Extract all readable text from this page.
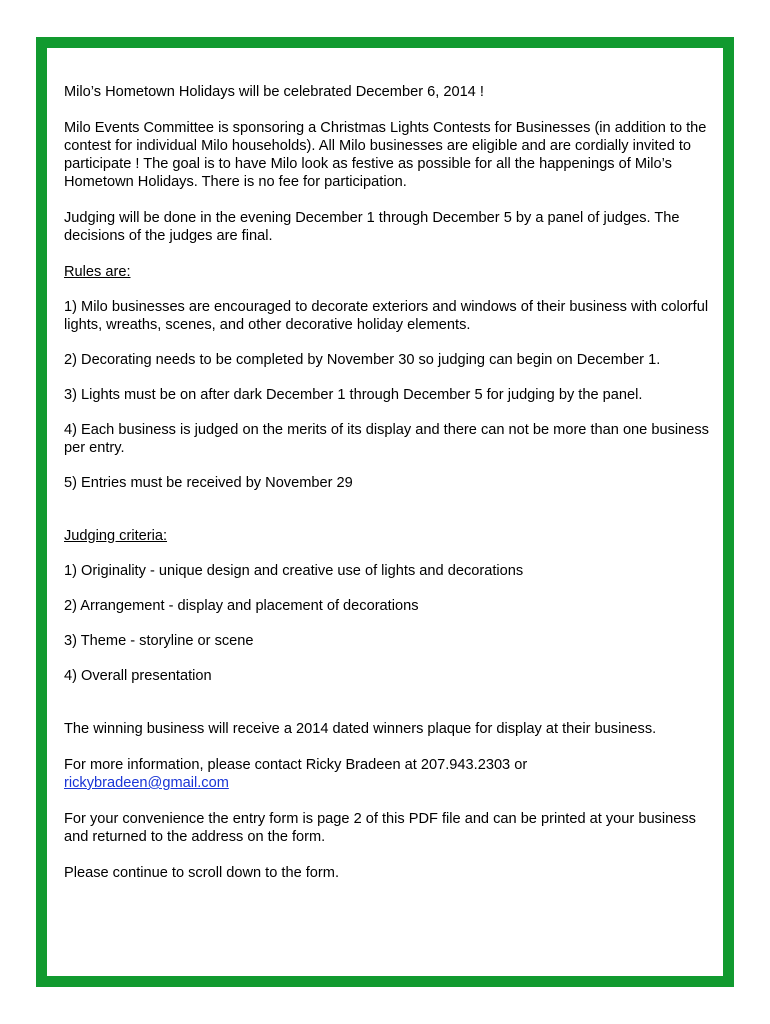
Milo’s Hometown Holidays will be celebrated December 6, 2014 !

Milo Events Committee is sponsoring a Christmas Lights Contests for Businesses (in addition to the contest for individual Milo households). All Milo businesses are eligible and are cordially invited to participate ! The goal is to have Milo look as festive as possible for all the happenings of Milo’s Hometown Holidays. There is no fee for participation.

Judging will be done in the evening December 1 through December 5 by a panel of judges. The decisions of the judges are final.

Rules are:

1) Milo businesses are encouraged to decorate exteriors and windows of their business with colorful lights, wreaths, scenes, and other decorative holiday elements.

2) Decorating needs to be completed by November 30 so judging can begin on December 1.

3) Lights must be on after dark December 1 through December 5 for judging by the panel.

4) Each business is judged on the merits of its display and there can not be more than one business per entry.

5) Entries must be received by November 29

Judging criteria:

1) Originality - unique design and creative use of lights and decorations

2) Arrangement - display and placement of decorations

3) Theme - storyline or scene

4) Overall presentation

The winning business will receive a 2014 dated winners plaque for display at their business.

For more information, please contact Ricky Bradeen at 207.943.2303 or
rickybradeen@gmail.com

For your convenience the entry form is page 2 of this PDF file and can be printed at your business and returned to the address on the form.

Please continue to scroll down to the form.
